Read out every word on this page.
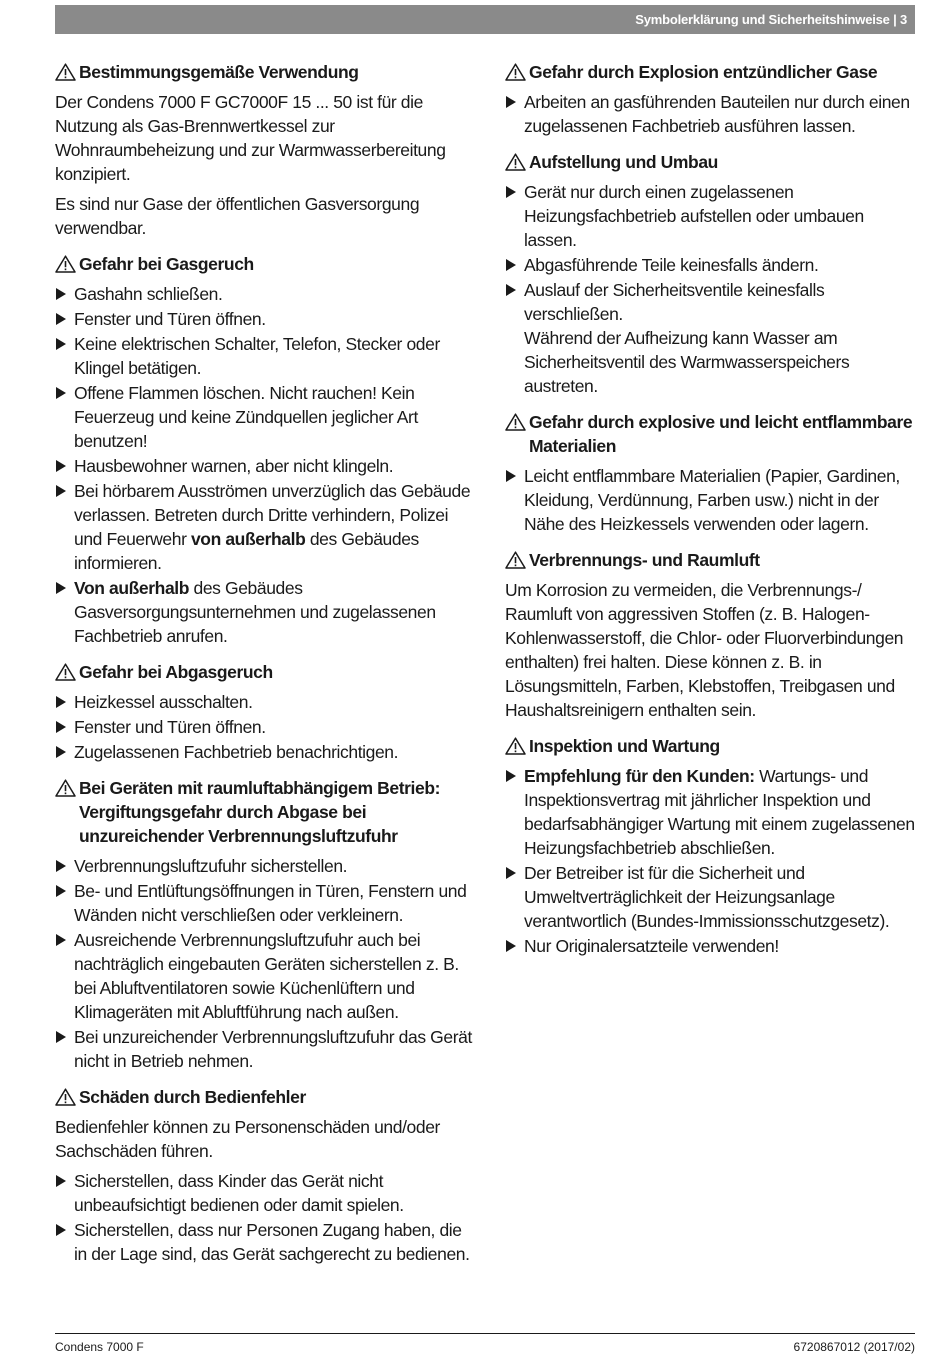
Symbolerklärung und Sicherheitshinweise | 3
Bestimmungsgemäße Verwendung

Der Condens 7000 F GC7000F 15 ... 50 ist für die Nutzung als Gas-Brennwertkessel zur Wohnraumbeheizung und zur Warmwasserbereitung konzipiert.

Es sind nur Gase der öffentlichen Gasversorgung verwendbar.

Gefahr bei Gasgeruch
Gashahn schließen.
Fenster und Türen öffnen.
Keine elektrischen Schalter, Telefon, Stecker oder Klingel betätigen.
Offene Flammen löschen. Nicht rauchen! Kein Feuerzeug und keine Zündquellen jeglicher Art benutzen!
Hausbewohner warnen, aber nicht klingeln.
Bei hörbarem Ausströmen unverzüglich das Gebäude verlassen. Betreten durch Dritte verhindern, Polizei und Feuerwehr von außerhalb des Gebäudes informieren.
Von außerhalb des Gebäudes Gasversorgungsunternehmen und zugelassenen Fachbetrieb anrufen.
Gefahr bei Abgasgeruch
Heizkessel ausschalten.
Fenster und Türen öffnen.
Zugelassenen Fachbetrieb benachrichtigen.
Bei Geräten mit raumluftabhängigem Betrieb: Vergiftungsgefahr durch Abgase bei unzureichender Verbrennungsluftzufuhr
Verbrennungsluftzufuhr sicherstellen.
Be- und Entlüftungsöffnungen in Türen, Fenstern und Wänden nicht verschließen oder verkleinern.
Ausreichende Verbrennungsluftzufuhr auch bei nachträglich eingebauten Geräten sicherstellen z. B. bei Abluftventilatoren sowie Küchenlüftern und Klimageräten mit Abluftführung nach außen.
Bei unzureichender Verbrennungsluftzufuhr das Gerät nicht in Betrieb nehmen.
Schäden durch Bedienfehler

Bedienfehler können zu Personenschäden und/oder Sachschäden führen.

Sicherstellen, dass Kinder das Gerät nicht unbeaufsichtigt bedienen oder damit spielen.
Sicherstellen, dass nur Personen Zugang haben, die in der Lage sind, das Gerät sachgerecht zu bedienen.
Gefahr durch Explosion entzündlicher Gase
Arbeiten an gasführenden Bauteilen nur durch einen zugelassenen Fachbetrieb ausführen lassen.
Aufstellung und Umbau
Gerät nur durch einen zugelassenen Heizungsfachbetrieb aufstellen oder umbauen lassen.
Abgasführende Teile keinesfalls ändern.
Auslauf der Sicherheitsventile keinesfalls verschließen.
Während der Aufheizung kann Wasser am Sicherheitsventil des Warmwasserspeichers austreten.
Gefahr durch explosive und leicht entflammbare Materialien
Leicht entflammbare Materialien (Papier, Gardinen, Kleidung, Verdünnung, Farben usw.) nicht in der Nähe des Heizkessels verwenden oder lagern.
Verbrennungs- und Raumluft

Um Korrosion zu vermeiden, die Verbrennungs-/ Raumluft von aggressiven Stoffen (z. B. Halogen-Kohlenwasserstoff, die Chlor- oder Fluorverbindungen enthalten) frei halten. Diese können z. B. in Lösungsmitteln, Farben, Klebstoffen, Treibgasen und Haushaltsreinigern enthalten sein.

Inspektion und Wartung
Empfehlung für den Kunden: Wartungs- und Inspektionsvertrag mit jährlicher Inspektion und bedarfsabhängiger Wartung mit einem zugelassenen Heizungsfachbetrieb abschließen.
Der Betreiber ist für die Sicherheit und Umweltverträglichkeit der Heizungsanlage verantwortlich (Bundes-Immissionsschutzgesetz).
Nur Originalersatzteile verwenden!
Condens 7000 F	6720867012 (2017/02)
